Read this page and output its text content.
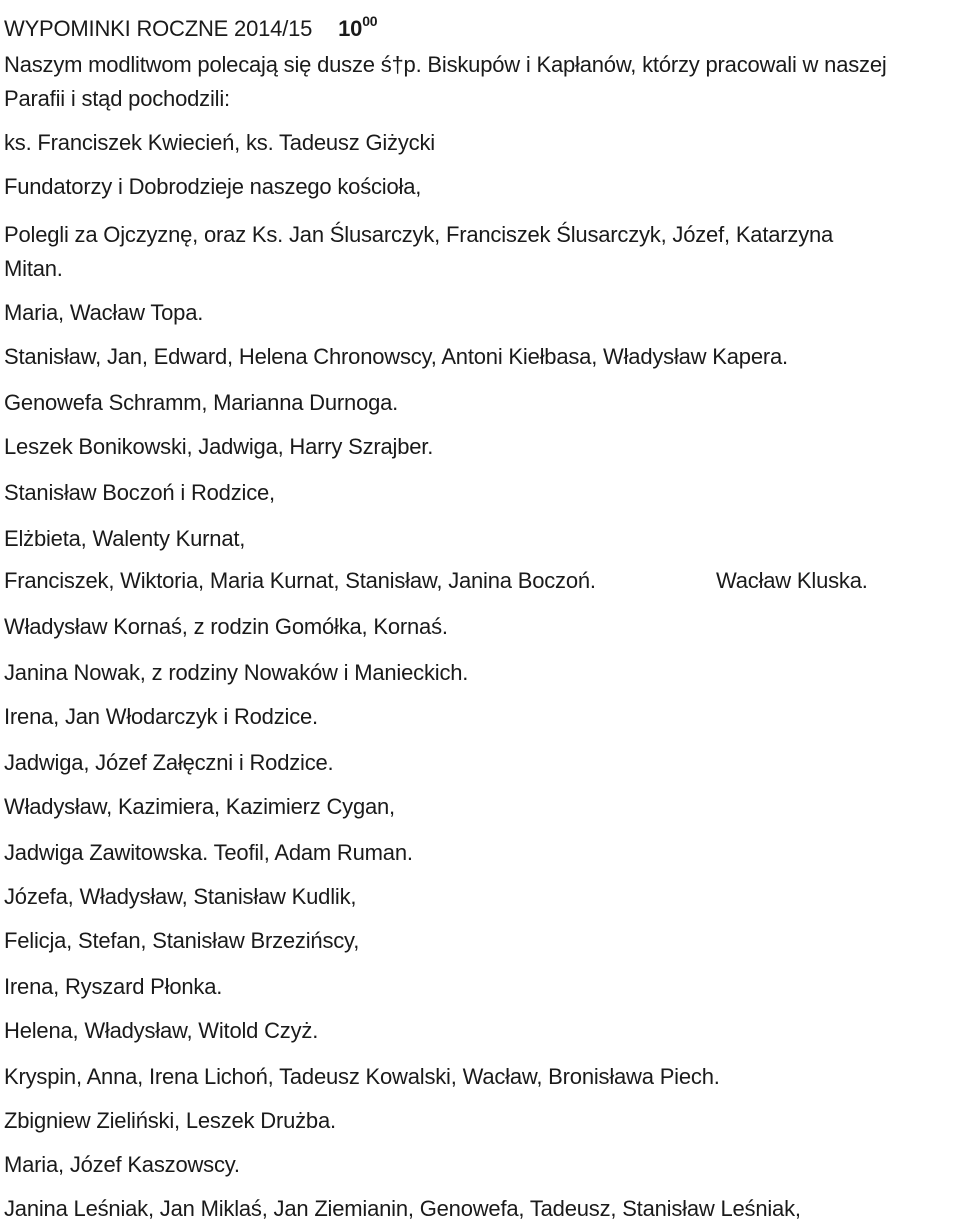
WYPOMINKI ROCZNE 2014/15 $10^{00}$
Naszym modlitwom polecają się dusze ś†p. Biskupów i Kapłanów, którzy pracowali w naszej
Parafii i stąd pochodzili:
ks. Franciszek Kwiecień, ks. Tadeusz Giżycki
Fundatorzy i Dobrodzieje naszego kościoła,
Polegli za Ojczyznę, oraz Ks. Jan Ślusarczyk, Franciszek Ślusarczyk, Józef, Katarzyna
Mitan.
Maria, Wacław Topa.
Stanisław, Jan, Edward, Helena Chronowscy, Antoni Kiełbasa, Władysław Kapera.
Genowefa Schramm, Marianna Durnoga.
Leszek Bonikowski, Jadwiga, Harry Szrajber.
Stanisław Boczoń i Rodzice,
Elżbieta, Walenty Kurnat,
Franciszek, Wiktoria, Maria Kurnat, Stanisław, Janina Boczoń.	Wacław Kluska.
Władysław Kornaś, z rodzin Gomółka, Kornaś.
Janina Nowak, z rodziny Nowaków i Manieckich.
Irena, Jan Włodarczyk i Rodzice.
Jadwiga, Józef Załęczni i Rodzice.
Władysław, Kazimiera, Kazimierz Cygan,
Jadwiga Zawitowska. Teofil, Adam Ruman.
Józefa, Władysław, Stanisław Kudlik,
Felicja, Stefan, Stanisław Brzezińscy,
Irena, Ryszard Płonka.
Helena, Władysław, Witold Czyż.
Kryspin, Anna, Irena Lichoń, Tadeusz Kowalski, Wacław, Bronisława Piech.
Zbigniew Zieliński, Leszek Drużba.
Maria, Józef Kaszowscy.
Janina Leśniak, Jan Miklaś, Jan Ziemianin, Genowefa, Tadeusz, Stanisław Leśniak,
